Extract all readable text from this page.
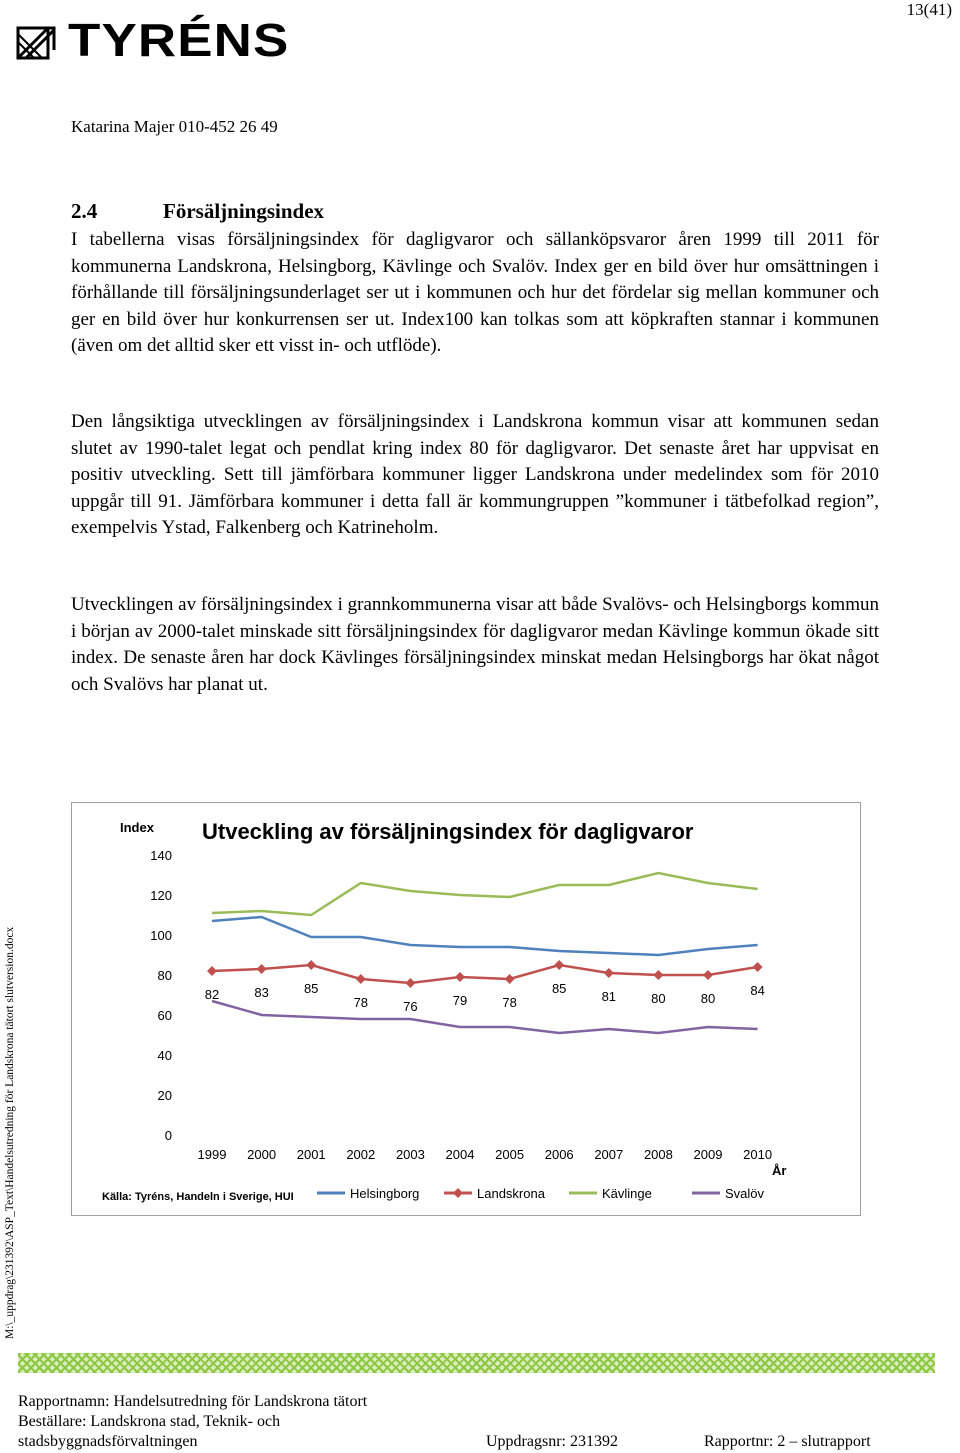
13(41)
TYRÉNS
Katarina Majer 010-452 26 49
2.4	Försäljningsindex

I tabellerna visas försäljningsindex för dagligvaror och sällanköpsvaror åren 1999 till 2011 för kommunerna Landskrona, Helsingborg, Kävlinge och Svalöv. Index ger en bild över hur omsättningen i förhållande till försäljningsunderlaget ser ut i kommunen och hur det fördelar sig mellan kommuner och ger en bild över hur konkurrensen ser ut. Index100 kan tolkas som att köpkraften stannar i kommunen (även om det alltid sker ett visst in- och utflöde).

Den långsiktiga utvecklingen av försäljningsindex i Landskrona kommun visar att kommunen sedan slutet av 1990-talet legat och pendlat kring index 80 för dagligvaror. Det senaste året har uppvisat en positiv utveckling. Sett till jämförbara kommuner ligger Landskrona under medelindex som för 2010 uppgår till 91. Jämförbara kommuner i detta fall är kommungruppen ”kommuner i tätbefolkad region”, exempelvis Ystad, Falkenberg och Katrineholm.

Utvecklingen av försäljningsindex i grannkommunerna visar att både Svalövs- och Helsingborgs kommun i början av 2000-talet minskade sitt försäljningsindex för dagligvaror medan Kävlinge kommun ökade sitt index. De senaste åren har dock Kävlinges försäljningsindex minskat medan Helsingborgs har ökat något och Svalövs har planat ut.

Index Utveckling av försäljningsindex för dagligvaror
År
Källa: Tyréns, Handeln i Sverige, HUI
0
20
40
60
80
100
120
140
1999 2000 2001 2002 2003 2004 2005 2006 2007 2008 2009 2010
82	83	85
78	76	79	78
85
81	80	80
84
Helsingborg	Landskrona	Kävlinge	Svalöv
M:\_uppdrag\231392\ASP_Text\Handelsutredning för Landskrona tätort slutversion.docx
Rapportnamn: Handelsutredning för Landskrona tätort
Beställare: Landskrona stad, Teknik- och
stadsbyggnadsförvaltningen	Uppdragsnr: 231392	Rapportnr: 2 – slutrapport
